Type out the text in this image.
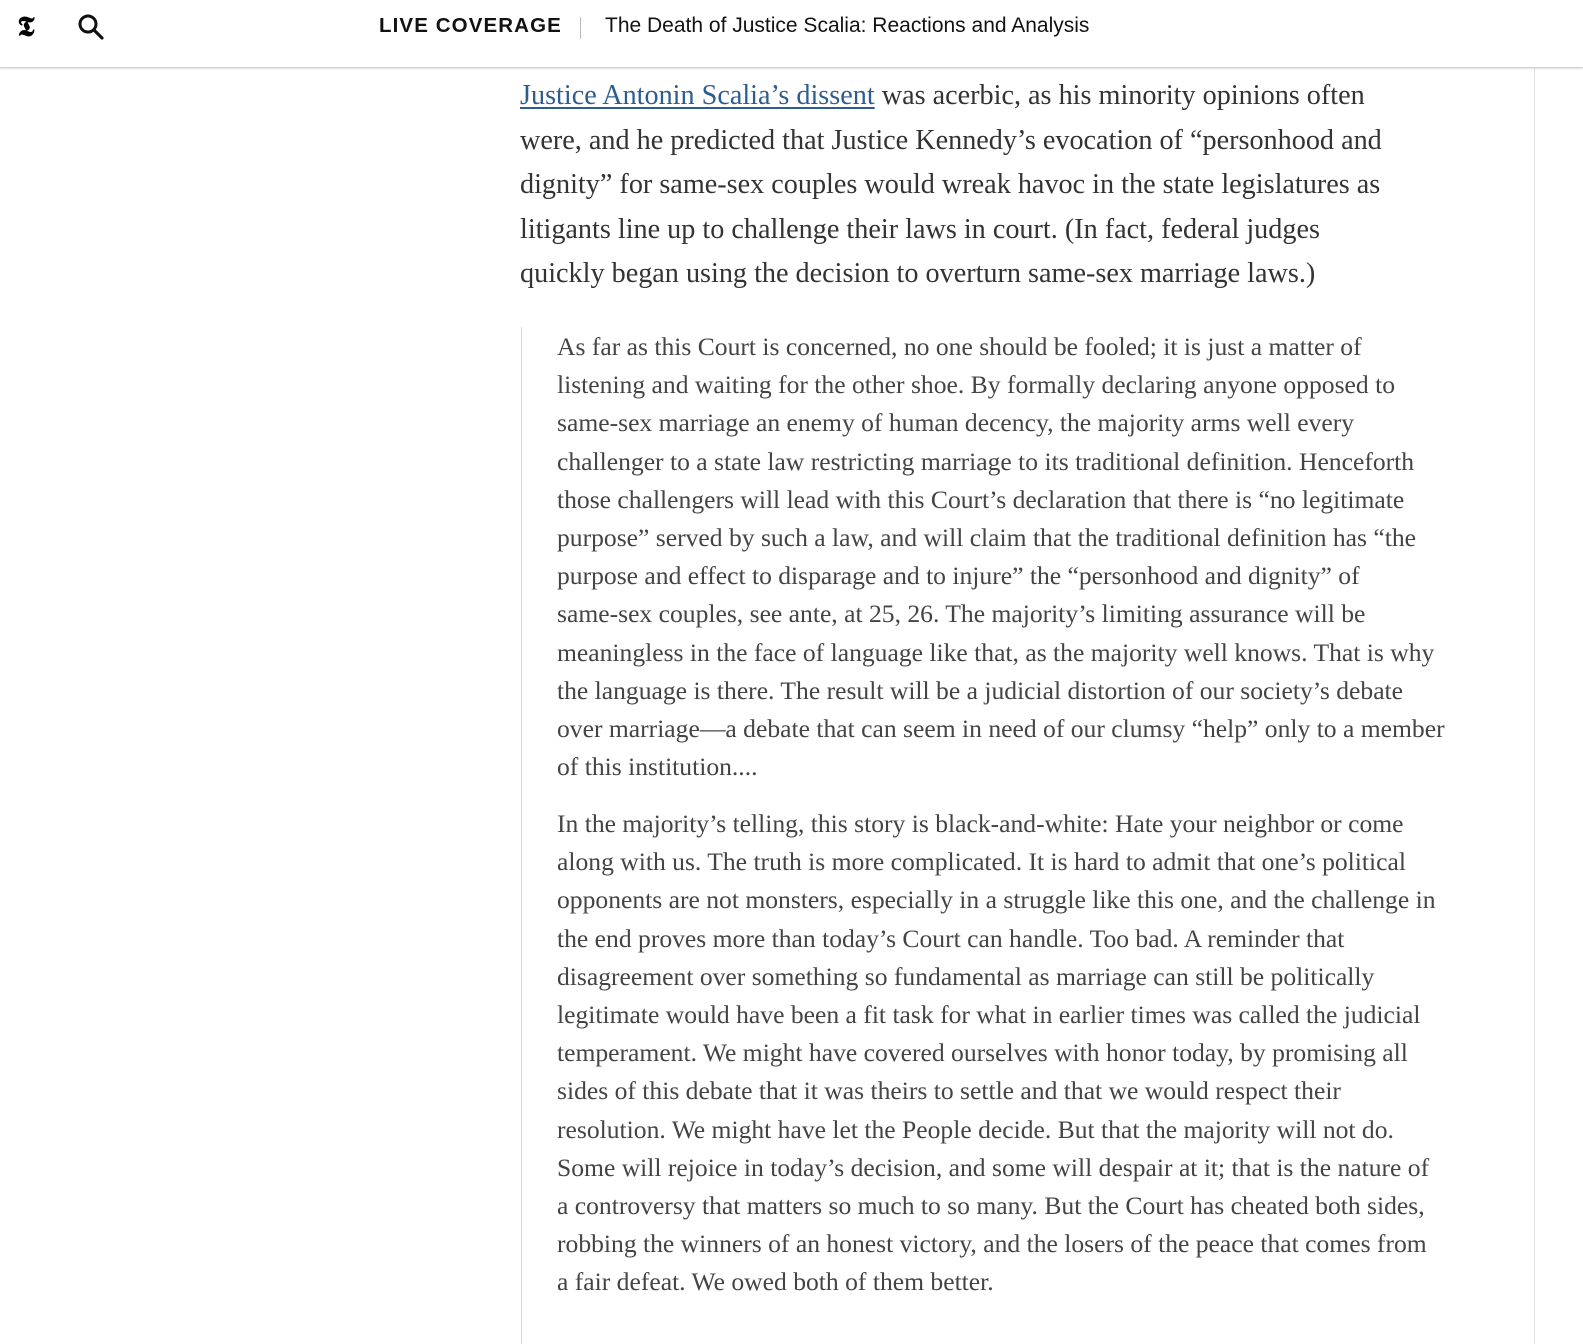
𝕿	LIVE COVERAGE The Death of Justice Scalia: Reactions and Analysis

Justice Antonin Scalia’s dissent was acerbic, as his minority opinions often
were, and he predicted that Justice Kennedy’s evocation of “personhood and
dignity” for same-sex couples would wreak havoc in the state legislatures as
litigants line up to challenge their laws in court. (In fact, federal judges
quickly began using the decision to overturn same-sex marriage laws.)

As far as this Court is concerned, no one should be fooled; it is just a matter of
listening and waiting for the other shoe. By formally declaring anyone opposed to
same-sex marriage an enemy of human decency, the majority arms well every
challenger to a state law restricting marriage to its traditional definition. Henceforth
those challengers will lead with this Court’s declaration that there is “no legitimate
purpose” served by such a law, and will claim that the traditional definition has “the
purpose and effect to disparage and to injure” the “personhood and dignity” of
same-sex couples, see ante, at 25, 26. The majority’s limiting assurance will be
meaningless in the face of language like that, as the majority well knows. That is why
the language is there. The result will be a judicial distortion of our society’s debate
over marriage—a debate that can seem in need of our clumsy “help” only to a member
of this institution....

In the majority’s telling, this story is black-and-white: Hate your neighbor or come
along with us. The truth is more complicated. It is hard to admit that one’s political
opponents are not monsters, especially in a struggle like this one, and the challenge in
the end proves more than today’s Court can handle. Too bad. A reminder that
disagreement over something so fundamental as marriage can still be politically
legitimate would have been a fit task for what in earlier times was called the judicial
temperament. We might have covered ourselves with honor today, by promising all
sides of this debate that it was theirs to settle and that we would respect their
resolution. We might have let the People decide. But that the majority will not do.
Some will rejoice in today’s decision, and some will despair at it; that is the nature of
a controversy that matters so much to so many. But the Court has cheated both sides,
robbing the winners of an honest victory, and the losers of the peace that comes from
a fair defeat. We owed both of them better.
